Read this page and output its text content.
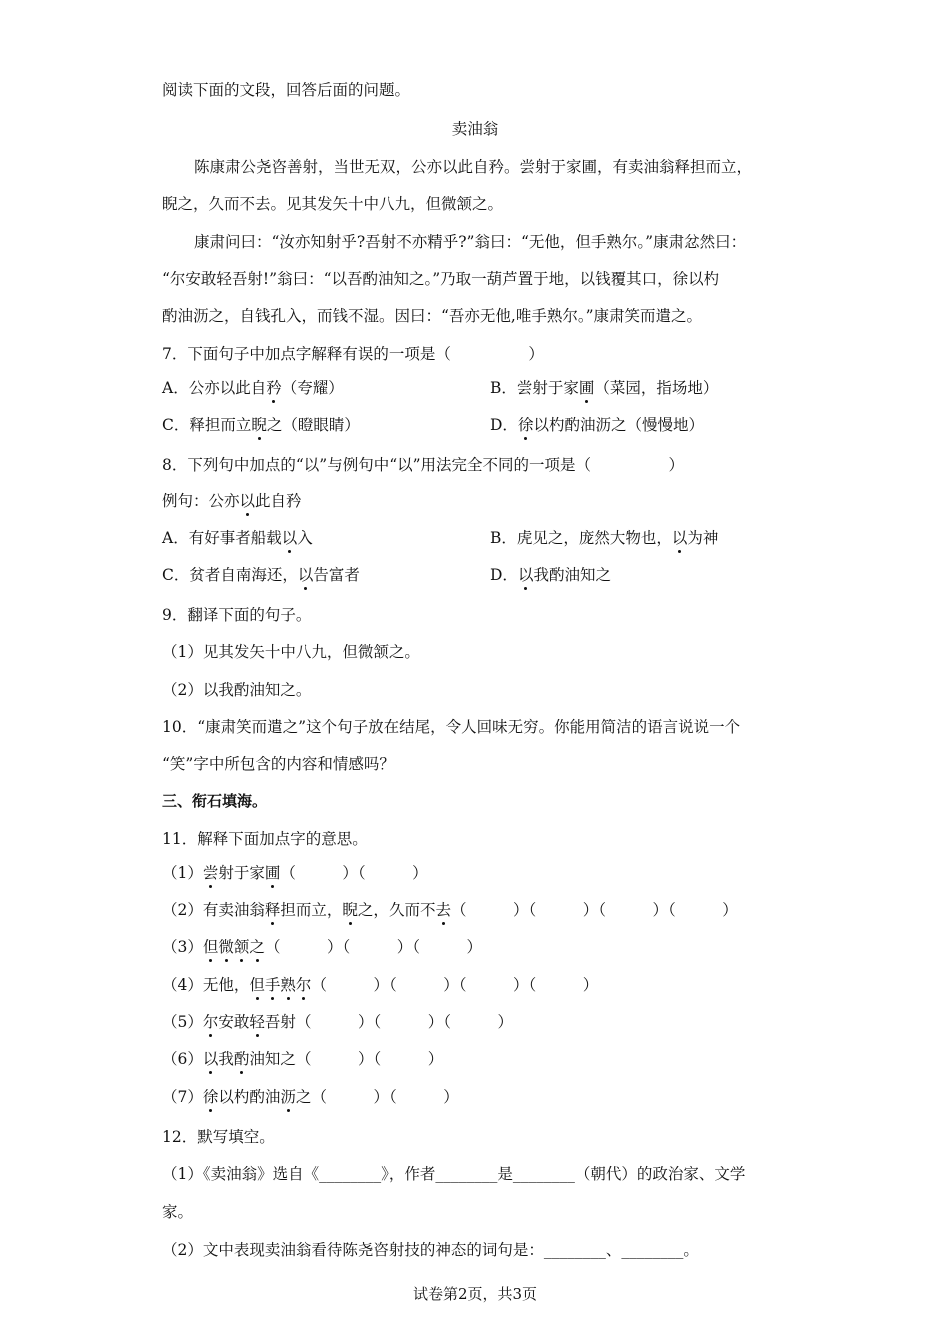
阅读下面的文段，回答后面的问题。
卖油翁
陈康肃公尧咨善射，当世无双，公亦以此自矜。尝射于家圃，有卖油翁释担而立，
睨之，久而不去。见其发矢十中八九，但微颔之。
康肃问曰：“汝亦知射乎?吾射不亦精乎?”翁曰：“无他，但手熟尔。”康肃忿然曰：
“尔安敢轻吾射!”翁曰：“以吾酌油知之。”乃取一葫芦置于地，以钱覆其口，徐以杓
酌油沥之，自钱孔入，而钱不湿。因曰：“吾亦无他,唯手熟尔。”康肃笑而遣之。
7．下面句子中加点字解释有误的一项是（　　　　　）
A．公亦以此自矜（夸耀）	B．尝射于家圃（菜园，指场地）
C．释担而立睨之（瞪眼睛）	D．徐以杓酌油沥之（慢慢地）
8．下列句中加点的“以”与例句中“以”用法完全不同的一项是（　　　　　）
例句：公亦以此自矜
A．有好事者船载以入	B．虎见之，庞然大物也，以为神
C．贫者自南海还，以告富者	D．以我酌油知之
9．翻译下面的句子。
（1）见其发矢十中八九，但微颔之。
（2）以我酌油知之。
10．“康肃笑而遣之”这个句子放在结尾，令人回味无穷。你能用简洁的语言说说一个
“笑”字中所包含的内容和情感吗？
三、衔石填海。
11．解释下面加点字的意思。
（1）尝射于家圃（　　　）（　　　）
（2）有卖油翁释担而立，睨之，久而不去（　　　）（　　　）（　　　）（　　　）
（3）但微颔之（　　　）（　　　）（　　　）
（4）无他，但手熟尔（　　　）（　　　）（　　　）（　　　）
（5）尔安敢轻吾射（　　　）（　　　）（　　　）
（6）以我酌油知之（　　　）（　　　）
（7）徐以杓酌油沥之（　　　）（　　　）
12．默写填空。
（1）《卖油翁》选自《________》，作者________是________（朝代）的政治家、文学
家。
（2）文中表现卖油翁看待陈尧咨射技的神态的词句是：________、________。
试卷第2页，共3页
